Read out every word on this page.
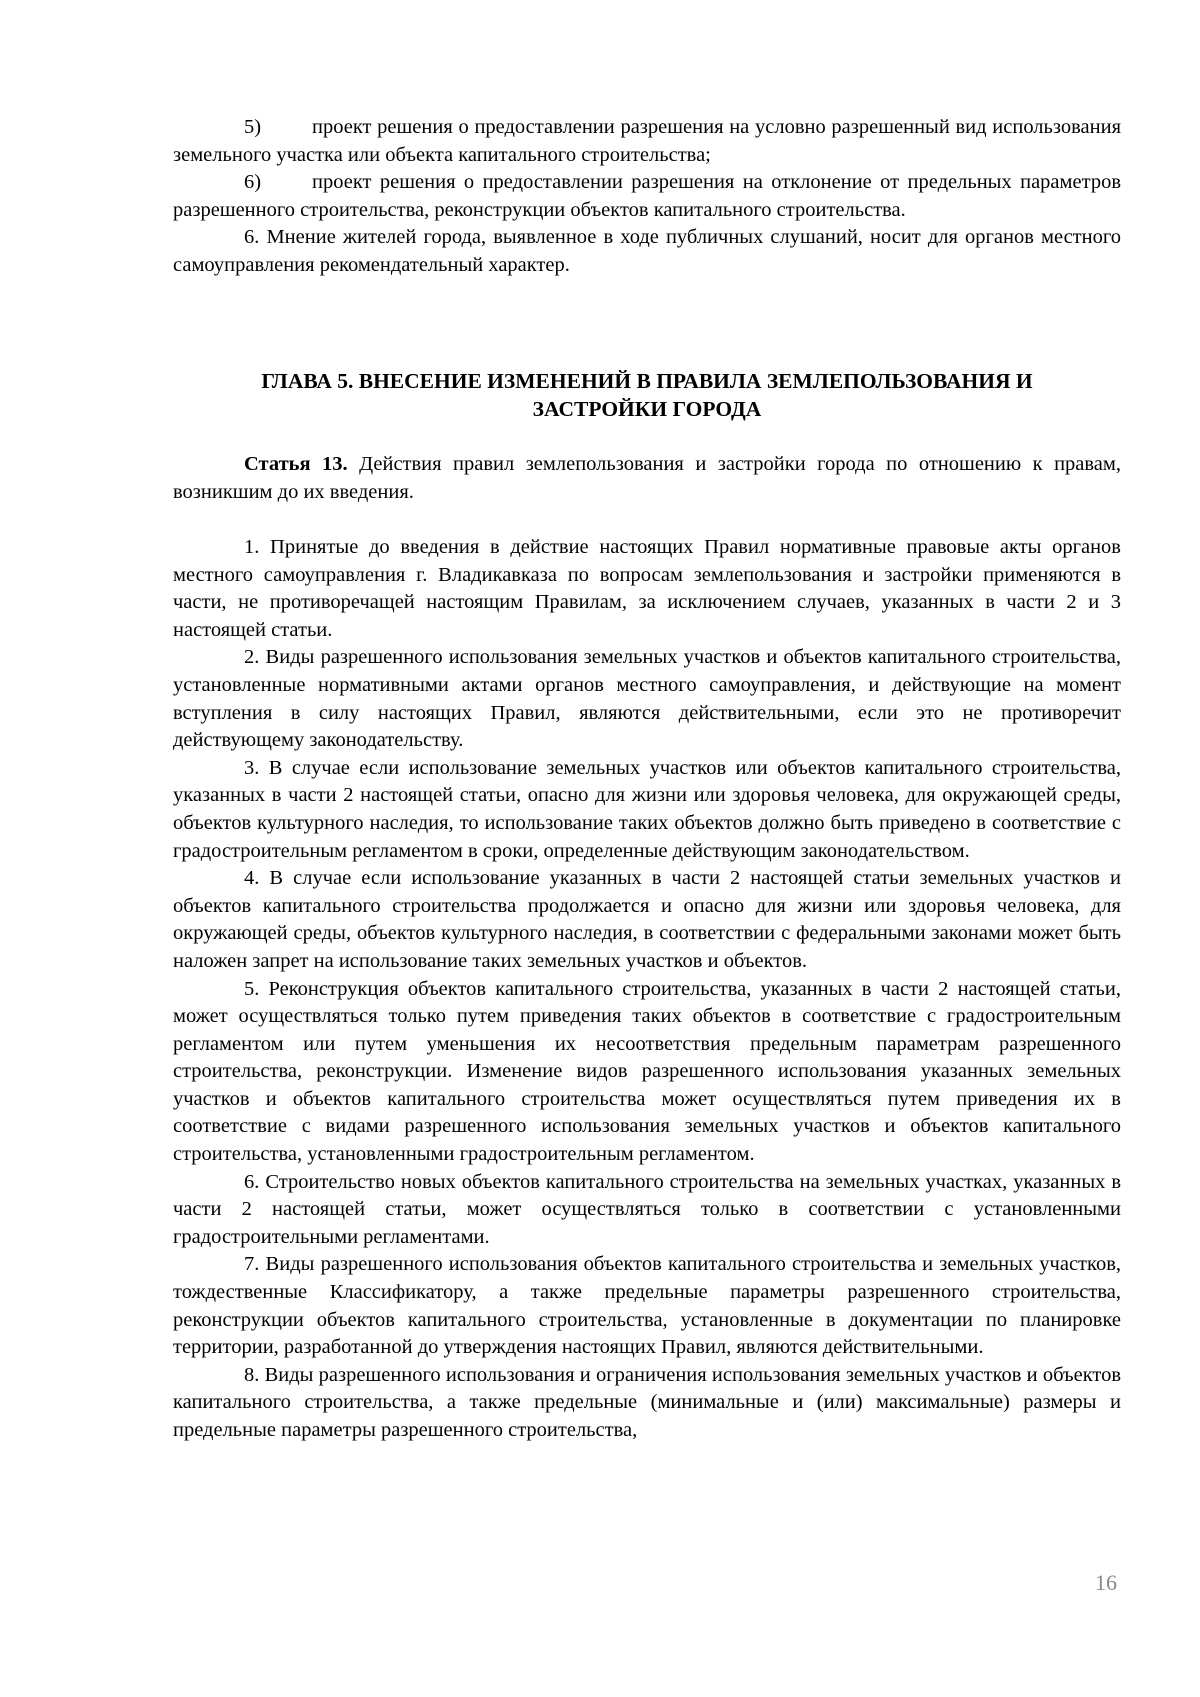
5) проект решения о предоставлении разрешения на условно разрешенный вид использования земельного участка или объекта капитального строительства;

6) проект решения о предоставлении разрешения на отклонение от предельных параметров разрешенного строительства, реконструкции объектов капитального строительства.

6. Мнение жителей города, выявленное в ходе публичных слушаний, носит для органов местного самоуправления рекомендательный характер.

ГЛАВА 5. ВНЕСЕНИЕ ИЗМЕНЕНИЙ В ПРАВИЛА ЗЕМЛЕПОЛЬЗОВАНИЯ И
ЗАСТРОЙКИ ГОРОДА

Статья 13. Действия правил землепользования и застройки города по отношению к правам, возникшим до их введения.

1. Принятые до введения в действие настоящих Правил нормативные правовые акты органов местного самоуправления г. Владикавказа по вопросам землепользования и застройки применяются в части, не противоречащей настоящим Правилам, за исключением случаев, указанных в части 2 и 3 настоящей статьи.

2. Виды разрешенного использования земельных участков и объектов капитального строительства, установленные нормативными актами органов местного самоуправления, и действующие на момент вступления в силу настоящих Правил, являются действительными, если это не противоречит действующему законодательству.

3. В случае если использование земельных участков или объектов капитального строительства, указанных в части 2 настоящей статьи, опасно для жизни или здоровья человека, для окружающей среды, объектов культурного наследия, то использование таких объектов должно быть приведено в соответствие с градостроительным регламентом в сроки, определенные действующим законодательством.

4. В случае если использование указанных в части 2 настоящей статьи земельных участков и объектов капитального строительства продолжается и опасно для жизни или здоровья человека, для окружающей среды, объектов культурного наследия, в соответствии с федеральными законами может быть наложен запрет на использование таких земельных участков и объектов.

5. Реконструкция объектов капитального строительства, указанных в части 2 настоящей статьи, может осуществляться только путем приведения таких объектов в соответствие с градостроительным регламентом или путем уменьшения их несоответствия предельным параметрам разрешенного строительства, реконструкции. Изменение видов разрешенного использования указанных земельных участков и объектов капитального строительства может осуществляться путем приведения их в соответствие с видами разрешенного использования земельных участков и объектов капитального строительства, установленными градостроительным регламентом.

6. Строительство новых объектов капитального строительства на земельных участках, указанных в части 2 настоящей статьи, может осуществляться только в соответствии с установленными градостроительными регламентами.

7. Виды разрешенного использования объектов капитального строительства и земельных участков, тождественные Классификатору, а также предельные параметры разрешенного строительства, реконструкции объектов капитального строительства, установленные в документации по планировке территории, разработанной до утверждения настоящих Правил, являются действительными.

8. Виды разрешенного использования и ограничения использования земельных участков и объектов капитального строительства, а также предельные (минимальные и (или) максимальные) размеры и предельные параметры разрешенного строительства,

16
